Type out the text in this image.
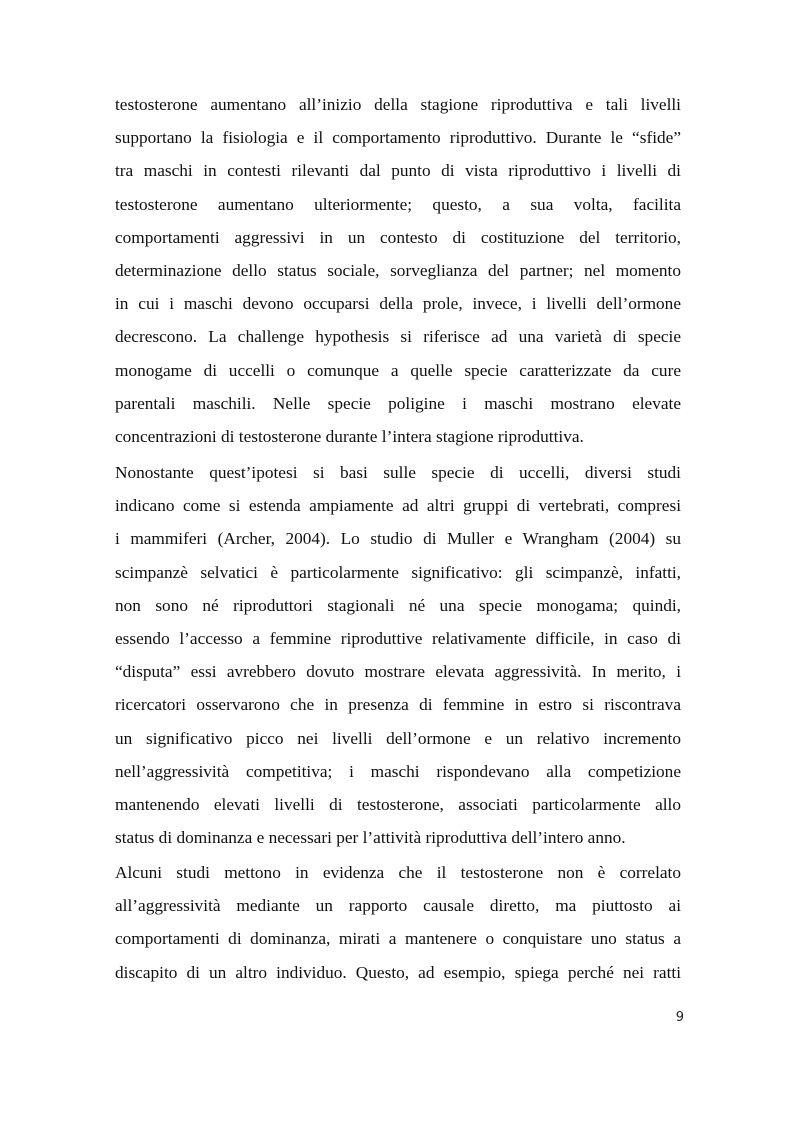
testosterone aumentano all’inizio della stagione riproduttiva e tali livelli
supportano la fisiologia e il comportamento riproduttivo. Durante le “sfide”
tra maschi in contesti rilevanti dal punto di vista riproduttivo i livelli di
testosterone aumentano ulteriormente; questo, a sua volta, facilita
comportamenti aggressivi in un contesto di costituzione del territorio,
determinazione dello status sociale, sorveglianza del partner; nel momento
in cui i maschi devono occuparsi della prole, invece, i livelli dell’ormone
decrescono. La challenge hypothesis si riferisce ad una varietà di specie
monogame di uccelli o comunque a quelle specie caratterizzate da cure
parentali maschili. Nelle specie poligine i maschi mostrano elevate
concentrazioni di testosterone durante l’intera stagione riproduttiva.
Nonostante quest’ipotesi si basi sulle specie di uccelli, diversi studi
indicano come si estenda ampiamente ad altri gruppi di vertebrati, compresi
i mammiferi (Archer, 2004). Lo studio di Muller e Wrangham (2004) su
scimpanzè selvatici è particolarmente significativo: gli scimpanzè, infatti,
non sono né riproduttori stagionali né una specie monogama; quindi,
essendo l’accesso a femmine riproduttive relativamente difficile, in caso di
“disputa” essi avrebbero dovuto mostrare elevata aggressività. In merito, i
ricercatori osservarono che in presenza di femmine in estro si riscontrava
un significativo picco nei livelli dell’ormone e un relativo incremento
nell’aggressività competitiva; i maschi rispondevano alla competizione
mantenendo elevati livelli di testosterone, associati particolarmente allo
status di dominanza e necessari per l’attività riproduttiva dell’intero anno.
Alcuni studi mettono in evidenza che il testosterone non è correlato
all’aggressività mediante un rapporto causale diretto, ma piuttosto ai
comportamenti di dominanza, mirati a mantenere o conquistare uno status a
discapito di un altro individuo. Questo, ad esempio, spiega perché nei ratti
9
